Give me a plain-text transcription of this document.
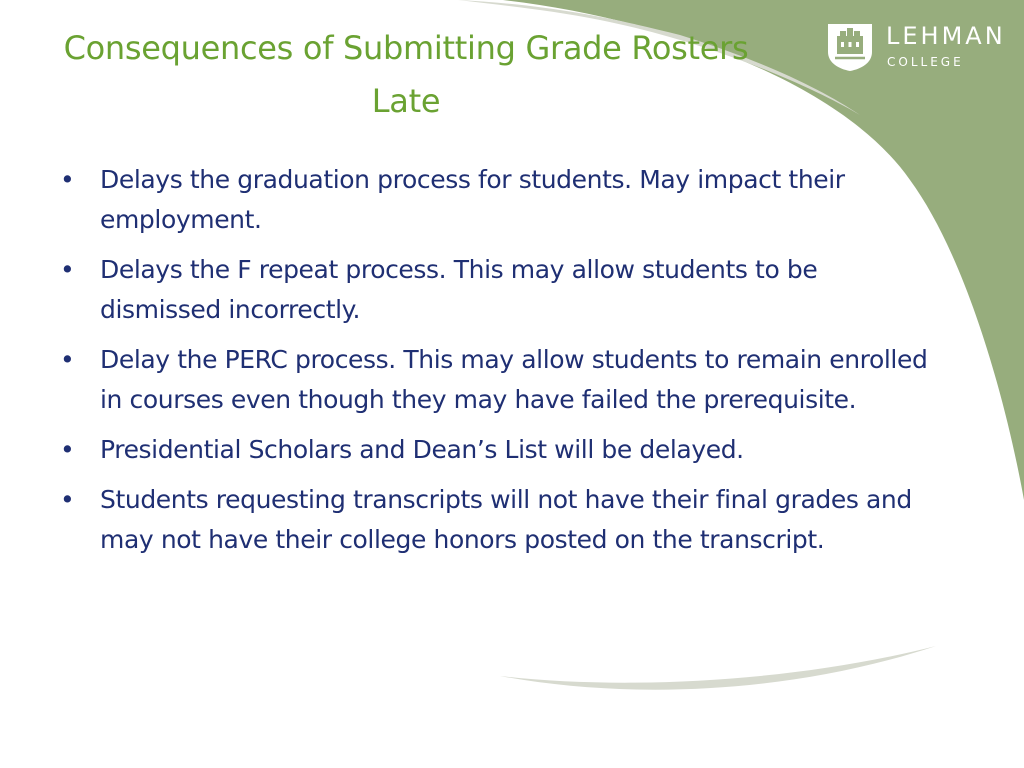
Consequences of Submitting Grade Rosters Late
LEHMAN
COLLEGE
• Delays the graduation process for students. May impact their employment.
• Delays the F repeat process. This may allow students to be dismissed incorrectly.
• Delay the PERC process. This may allow students to remain enrolled in courses even though they may have failed the prerequisite.
• Presidential Scholars and Dean’s List will be delayed.
• Students requesting transcripts will not have their final grades and may not have their college honors posted on the transcript.
